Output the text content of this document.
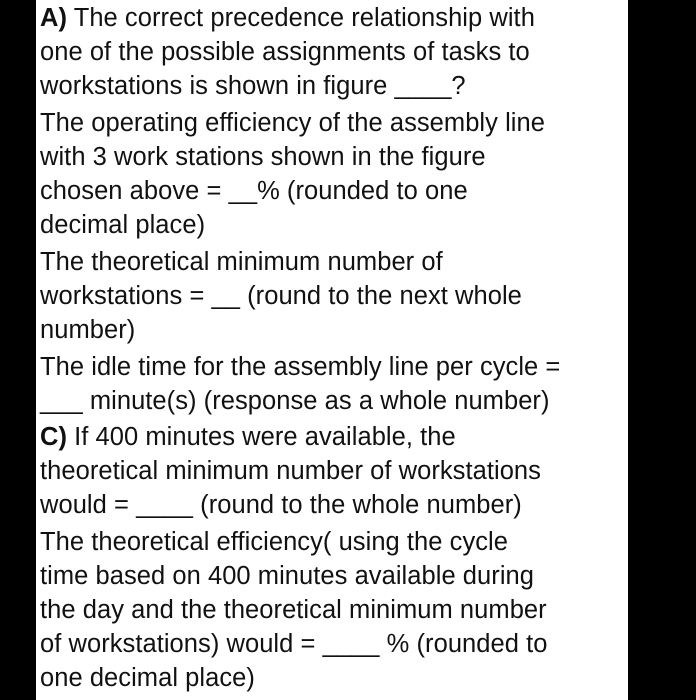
A) The correct precedence relationship with
one of the possible assignments of tasks to
workstations is shown in figure ____?
The operating efficiency of the assembly line
with 3 work stations shown in the figure
chosen above = __% (rounded to one
decimal place)
The theoretical minimum number of
workstations = __ (round to the next whole
number)
The idle time for the assembly line per cycle =
___ minute(s) (response as a whole number)
C) If 400 minutes were available, the
theoretical minimum number of workstations
would = ____ (round to the whole number)
The theoretical efficiency( using the cycle
time based on 400 minutes available during
the day and the theoretical minimum number
of workstations) would = ____ % (rounded to
one decimal place)
